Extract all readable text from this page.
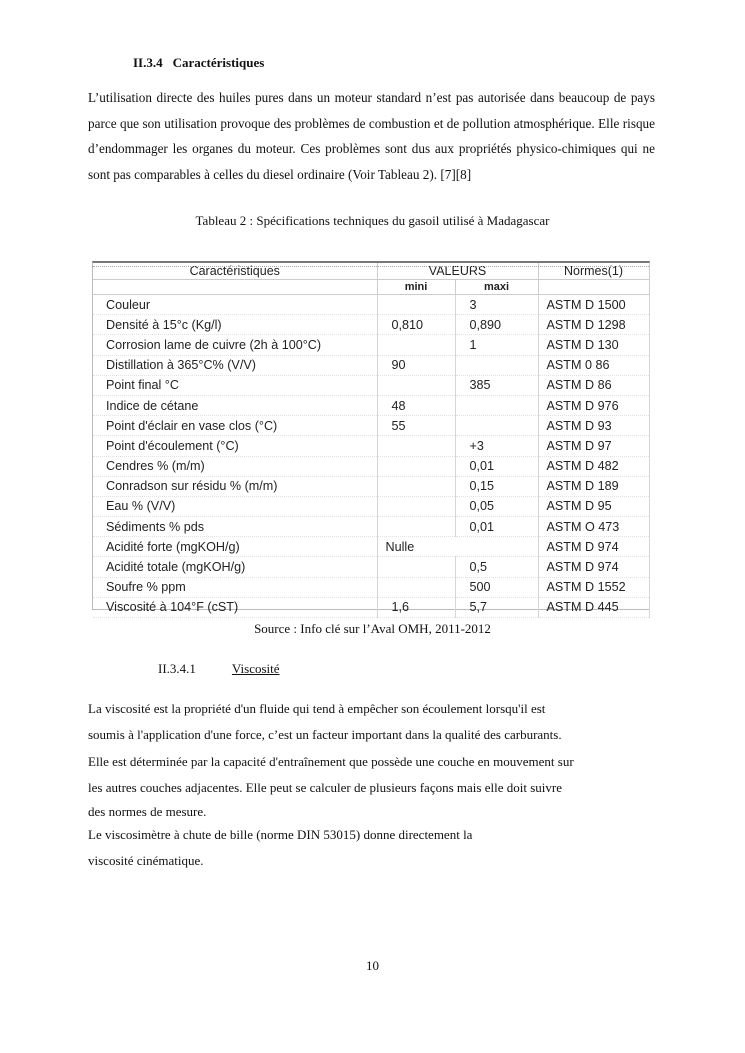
II.3.4 Caractéristiques
L’utilisation directe des huiles pures dans un moteur standard n’est pas autorisée dans beaucoup de pays parce que son utilisation provoque des problèmes de combustion et de pollution atmosphérique. Elle risque d’endommager les organes du moteur. Ces problèmes sont dus aux propriétés physico-chimiques qui ne sont pas comparables à celles du diesel ordinaire (Voir Tableau 2). [7][8]
Tableau 2 : Spécifications techniques du gasoil utilisé à Madagascar
Caractéristiques	VALEURS		Normes(1)
	mini	maxi	
Couleur		3	ASTM D 1500
Densité à 15°c (Kg/l)	0,810	0,890	ASTM D 1298
Corrosion lame de cuivre (2h à 100°C)		1	ASTM D 130
Distillation à 365°C% (V/V)	90		ASTM 0 86
Point final °C		385	ASTM D 86
Indice de cétane	48		ASTM D 976
Point d'éclair en vase clos (°C)	55		ASTM D 93
Point d'écoulement (°C)		+3	ASTM D 97
Cendres % (m/m)		0,01	ASTM D 482
Conradson sur résidu % (m/m)		0,15	ASTM D 189
Eau % (V/V)		0,05	ASTM D 95
Sédiments % pds		0,01	ASTM O 473
Acidité forte (mgKOH/g)	Nulle		ASTM D 974
Acidité totale (mgKOH/g)		0,5	ASTM D 974
Soufre % ppm		500	ASTM D 1552
Viscosité à 104°F (cST)	1,6	5,7	ASTM D 445
Source : Info clé sur l’Aval OMH, 2011-2012
II.3.4.1	Viscosité
La viscosité est la propriété d'un fluide qui tend à empêcher son écoulement lorsqu'il est
soumis à l'application d'une force, c’est un facteur important dans la qualité des carburants.
Elle est déterminée par la capacité d'entraînement que possède une couche en mouvement sur
les autres couches adjacentes. Elle peut se calculer de plusieurs façons mais elle doit suivre
des normes de mesure.
Le viscosimètre à chute de bille (norme DIN 53015) donne directement la
viscosité cinématique.
10
